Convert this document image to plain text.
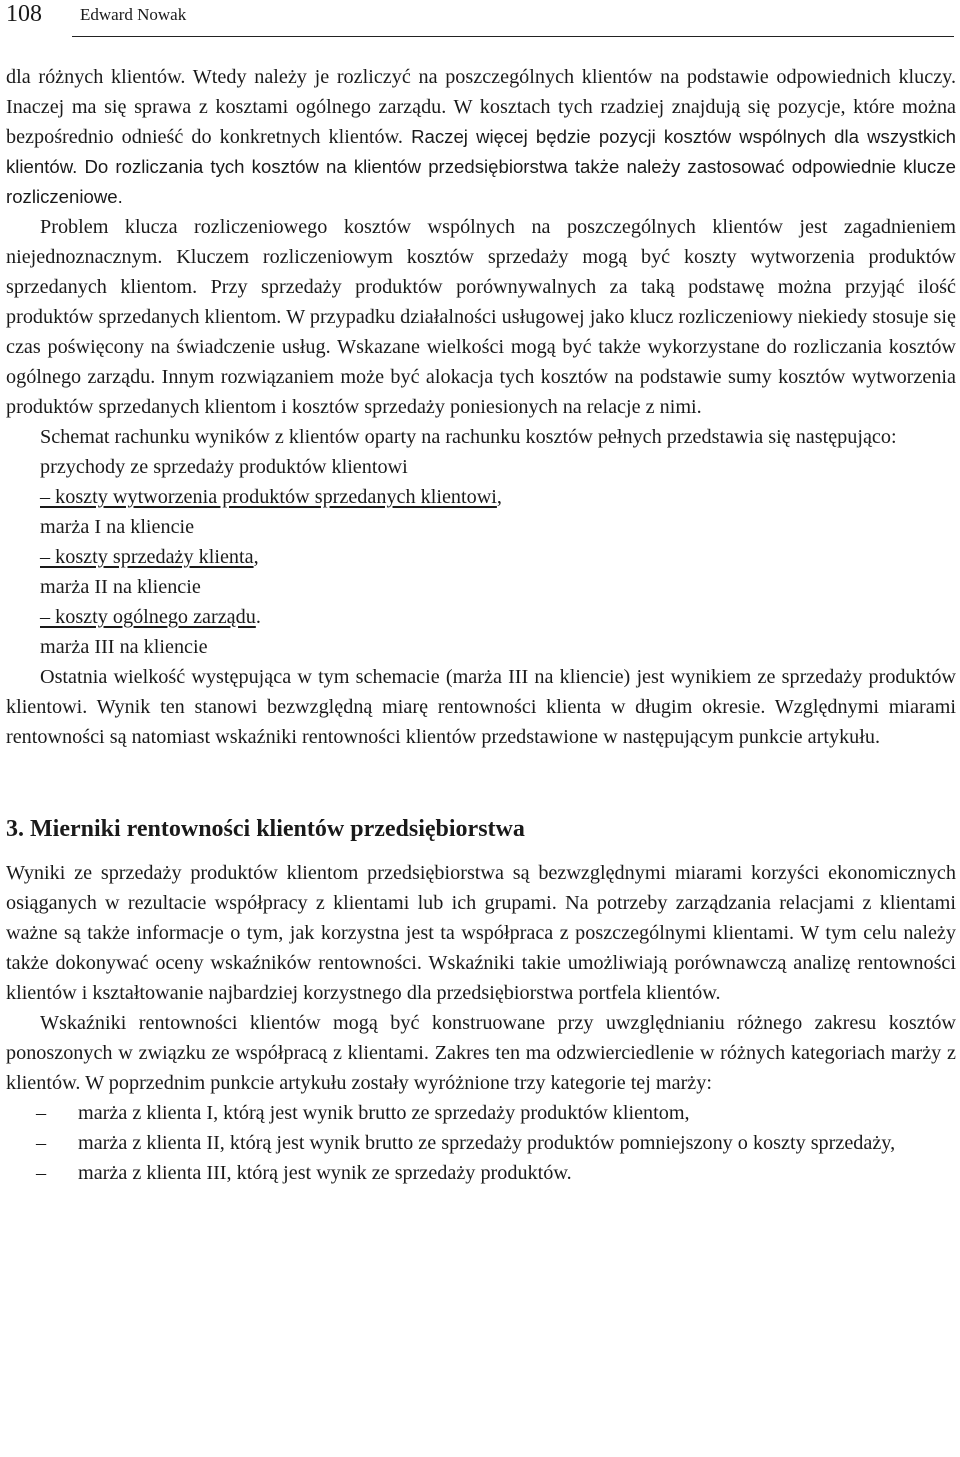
108 Edward Nowak

dla różnych klientów. Wtedy należy je rozliczyć na poszczególnych klientów na podstawie odpowiednich kluczy. Inaczej ma się sprawa z kosztami ogólnego zarządu. W kosztach tych rzadziej znajdują się pozycje, które można bezpośrednio odnieść do konkretnych klientów. Raczej więcej będzie pozycji kosztów wspólnych dla wszystkich klientów. Do rozliczania tych kosztów na klientów przedsiębiorstwa także należy zastosować odpowiednie klucze rozliczeniowe.

Problem klucza rozliczeniowego kosztów wspólnych na poszczególnych klientów jest zagadnieniem niejednoznacznym. Kluczem rozliczeniowym kosztów sprzedaży mogą być koszty wytworzenia produktów sprzedanych klientom. Przy sprzedaży produktów porównywalnych za taką podstawę można przyjąć ilość produktów sprzedanych klientom. W przypadku działalności usługowej jako klucz rozliczeniowy niekiedy stosuje się czas poświęcony na świadczenie usług. Wskazane wielkości mogą być także wykorzystane do rozliczania kosztów ogólnego zarządu. Innym rozwiązaniem może być alokacja tych kosztów na podstawie sumy kosztów wytworzenia produktów sprzedanych klientom i kosztów sprzedaży poniesionych na relacje z nimi.

Schemat rachunku wyników z klientów oparty na rachunku kosztów pełnych przedstawia się następująco:

przychody ze sprzedaży produktów klientowi
– koszty wytworzenia produktów sprzedanych klientowi,
marża I na kliencie
– koszty sprzedaży klienta,
marża II na kliencie
– koszty ogólnego zarządu.
marża III na kliencie

Ostatnia wielkość występująca w tym schemacie (marża III na kliencie) jest wynikiem ze sprzedaży produktów klientowi. Wynik ten stanowi bezwzględną miarę rentowności klienta w długim okresie. Względnymi miarami rentowności są natomiast wskaźniki rentowności klientów przedstawione w następującym punkcie artykułu.

3. Mierniki rentowności klientów przedsiębiorstwa

Wyniki ze sprzedaży produktów klientom przedsiębiorstwa są bezwzględnymi miarami korzyści ekonomicznych osiąganych w rezultacie współpracy z klientami lub ich grupami. Na potrzeby zarządzania relacjami z klientami ważne są także informacje o tym, jak korzystna jest ta współpraca z poszczególnymi klientami. W tym celu należy także dokonywać oceny wskaźników rentowności. Wskaźniki takie umożliwiają porównawczą analizę rentowności klientów i kształtowanie najbardziej korzystnego dla przedsiębiorstwa portfela klientów.

Wskaźniki rentowności klientów mogą być konstruowane przy uwzględnianiu różnego zakresu kosztów ponoszonych w związku ze współpracą z klientami. Zakres ten ma odzwierciedlenie w różnych kategoriach marży z klientów. W poprzednim punkcie artykułu zostały wyróżnione trzy kategorie tej marży:

– marża z klienta I, którą jest wynik brutto ze sprzedaży produktów klientom,
– marża z klienta II, którą jest wynik brutto ze sprzedaży produktów pomniejszony o koszty sprzedaży,
– marża z klienta III, którą jest wynik ze sprzedaży produktów.
